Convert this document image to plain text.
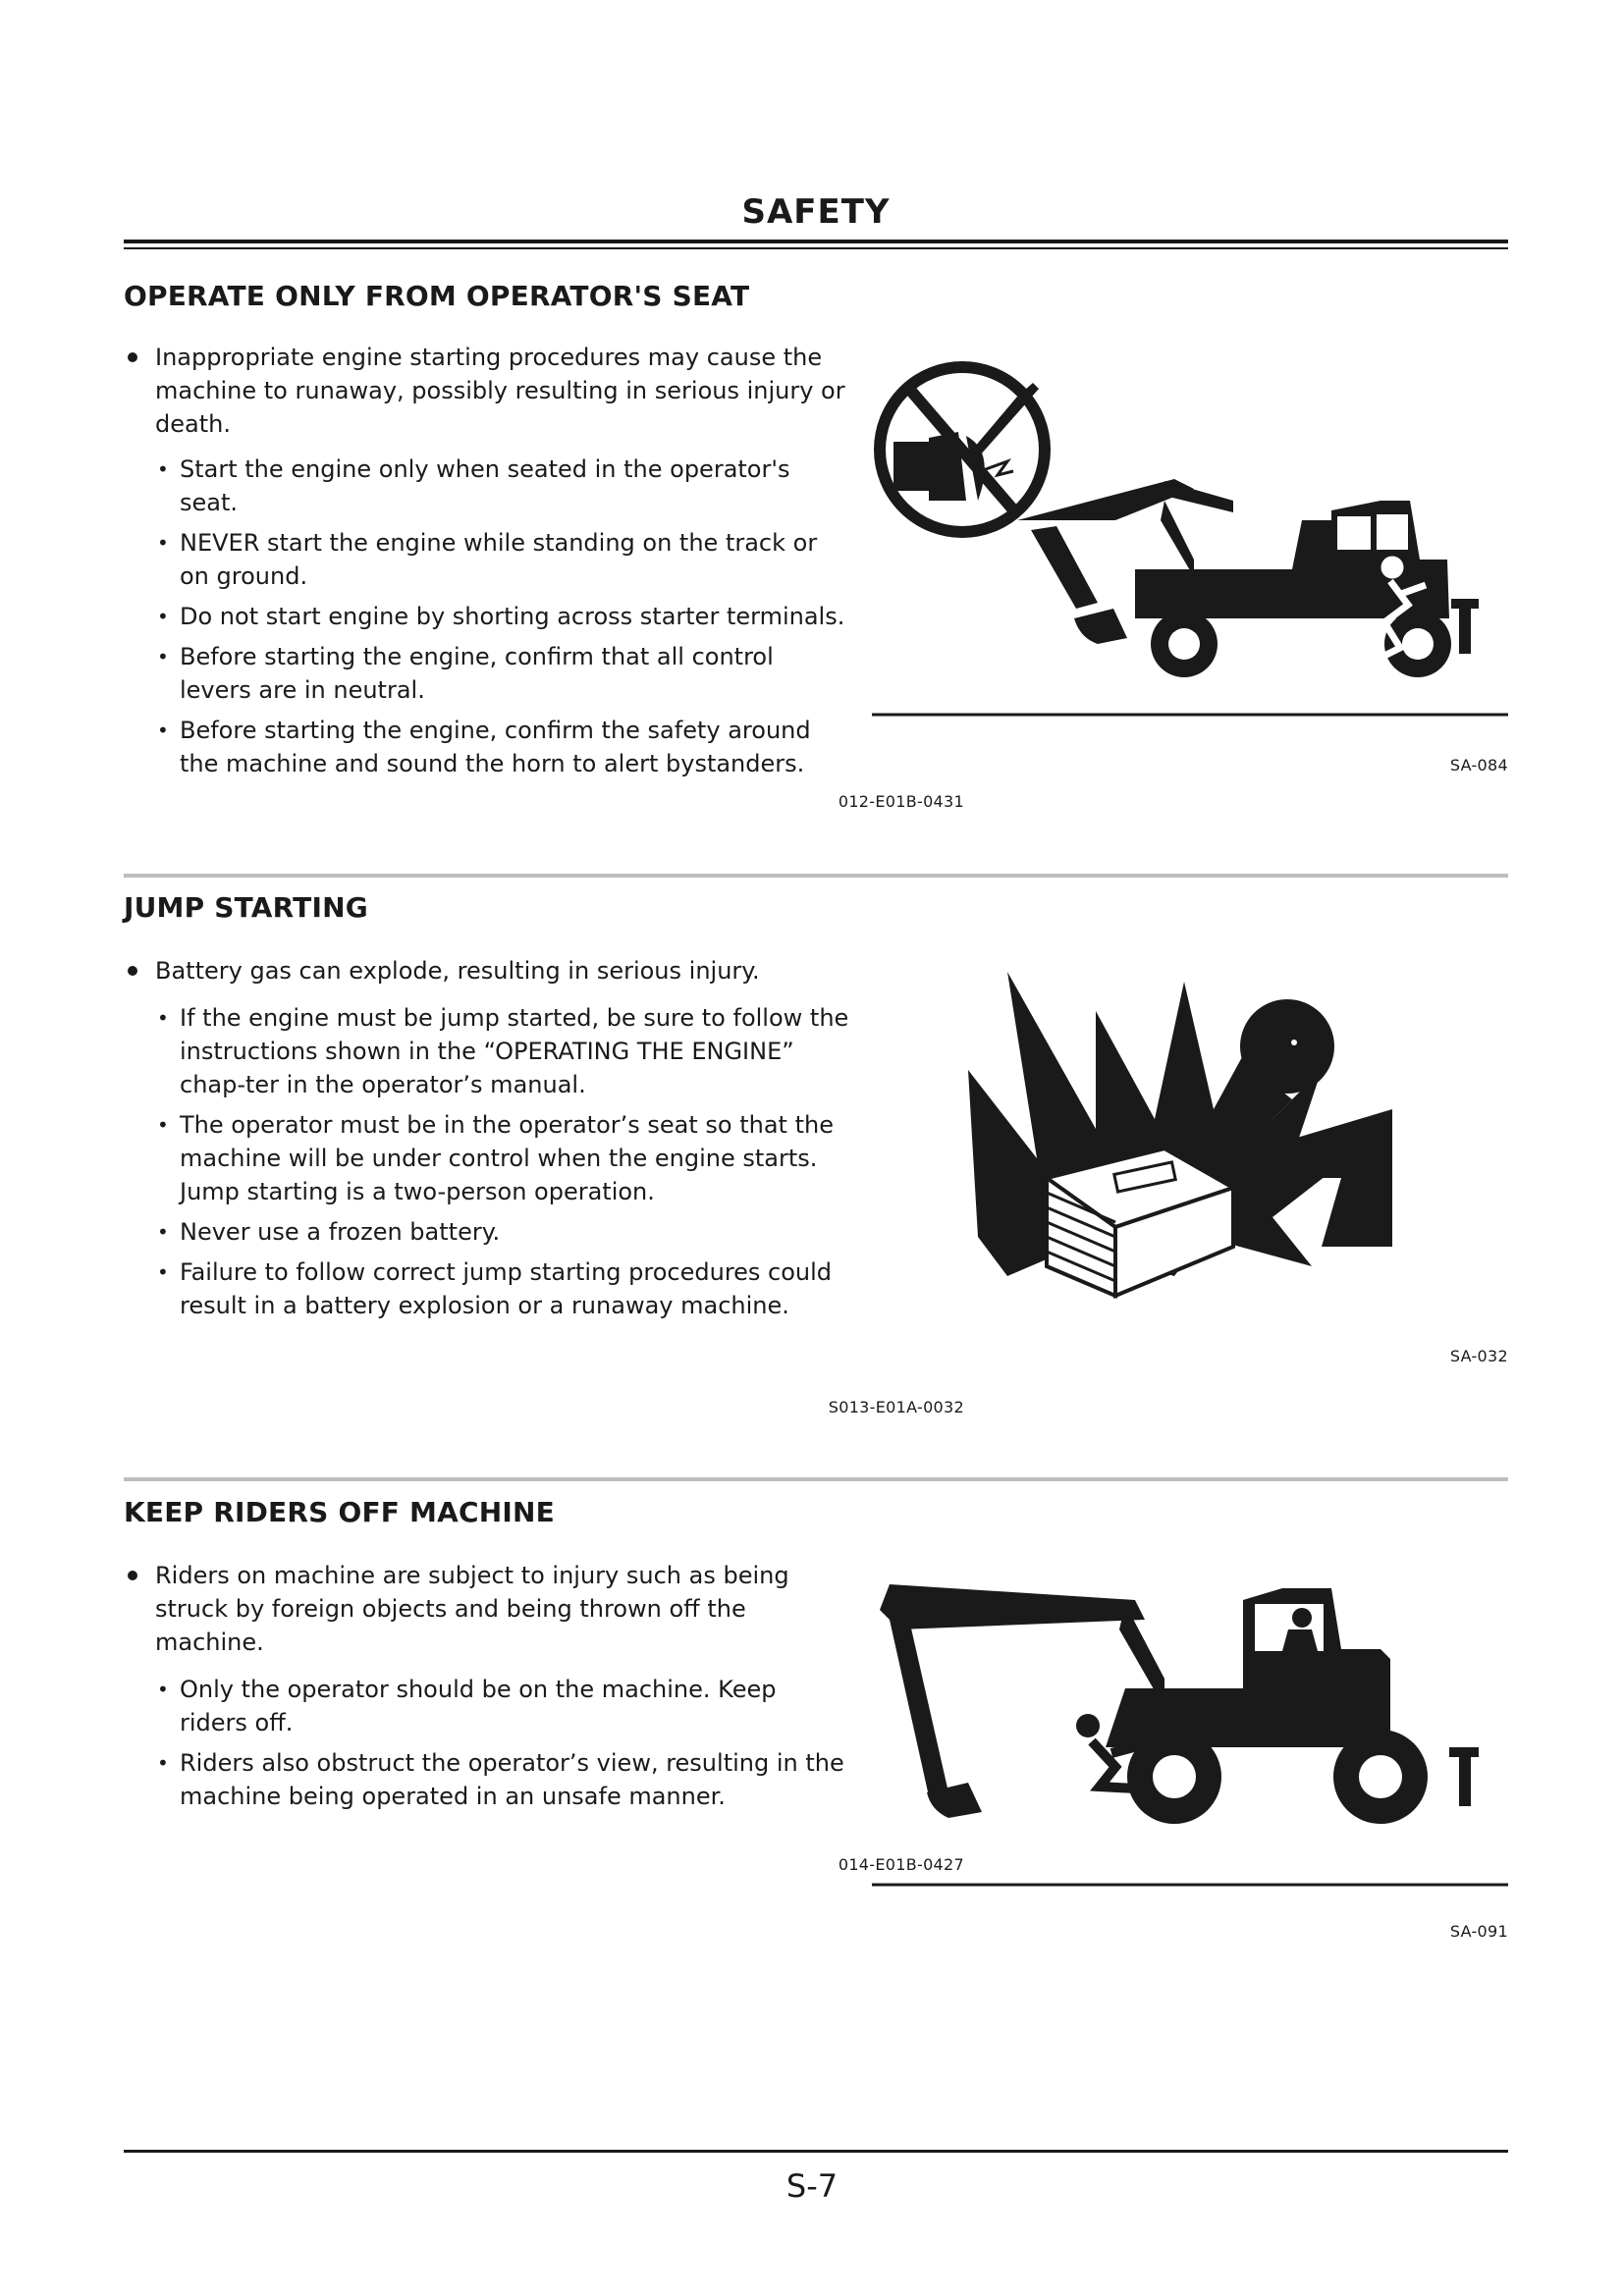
SAFETY
OPERATE ONLY FROM OPERATOR'S SEAT
Inappropriate engine starting procedures may cause the machine to runaway, possibly resulting in serious injury or death.
• Start the engine only when seated in the operator's seat.
• NEVER start the engine while standing on the track or on ground.
• Do not start engine by shorting across starter terminals.
• Before starting the engine, confirm that all control levers are in neutral.
• Before starting the engine, confirm the safety around the machine and sound the horn to alert bystanders.
012-E01B-0431
SA-084
JUMP STARTING
Battery gas can explode, resulting in serious injury.
• If the engine must be jump started, be sure to follow the instructions shown in the “OPERATING THE ENGINE” chap-ter in the operator’s manual.
• The operator must be in the operator’s seat so that the machine will be under control when the engine starts. Jump starting is a two-person operation.
• Never use a frozen battery.
• Failure to follow correct jump starting procedures could result in a battery explosion or a runaway machine.
S013-E01A-0032
SA-032
KEEP RIDERS OFF MACHINE
Riders on machine are subject to injury such as being struck by foreign objects and being thrown off the machine.
• Only the operator should be on the machine. Keep riders off.
• Riders also obstruct the operator’s view, resulting in the machine being operated in an unsafe manner.
014-E01B-0427
SA-091
S-7
